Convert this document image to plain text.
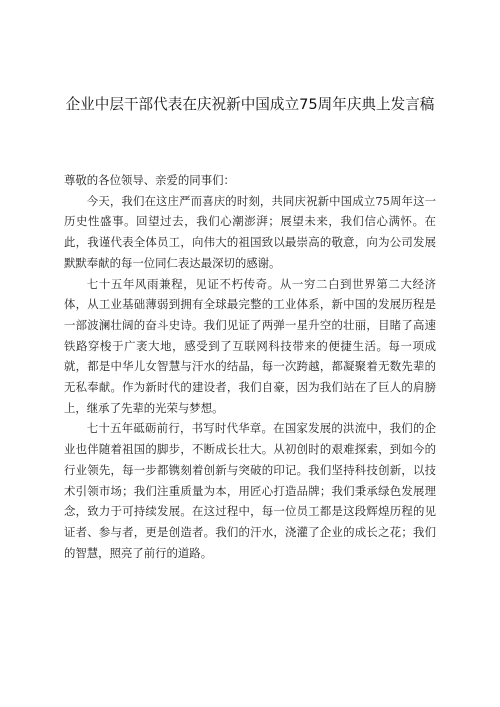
企业中层干部代表在庆祝新中国成立75周年庆典上发言稿

尊敬的各位领导、亲爱的同事们：

今天，我们在这庄严而喜庆的时刻，共同庆祝新中国成立75周年这一历史性盛事。回望过去，我们心潮澎湃；展望未来，我们信心满怀。在此，我谨代表全体员工，向伟大的祖国致以最崇高的敬意，向为公司发展默默奉献的每一位同仁表达最深切的感谢。

七十五年风雨兼程，见证不朽传奇。从一穷二白到世界第二大经济体，从工业基础薄弱到拥有全球最完整的工业体系，新中国的发展历程是一部波澜壮阔的奋斗史诗。我们见证了两弹一星升空的壮丽，目睹了高速铁路穿梭于广袤大地，感受到了互联网科技带来的便捷生活。每一项成就，都是中华儿女智慧与汗水的结晶，每一次跨越，都凝聚着无数先辈的无私奉献。作为新时代的建设者，我们自豪，因为我们站在了巨人的肩膀上，继承了先辈的光荣与梦想。

七十五年砥砺前行，书写时代华章。在国家发展的洪流中，我们的企业也伴随着祖国的脚步，不断成长壮大。从初创时的艰难探索，到如今的行业领先，每一步都镌刻着创新与突破的印记。我们坚持科技创新，以技术引领市场；我们注重质量为本，用匠心打造品牌；我们秉承绿色发展理念，致力于可持续发展。在这过程中，每一位员工都是这段辉煌历程的见证者、参与者，更是创造者。我们的汗水，浇灌了企业的成长之花；我们的智慧，照亮了前行的道路。
